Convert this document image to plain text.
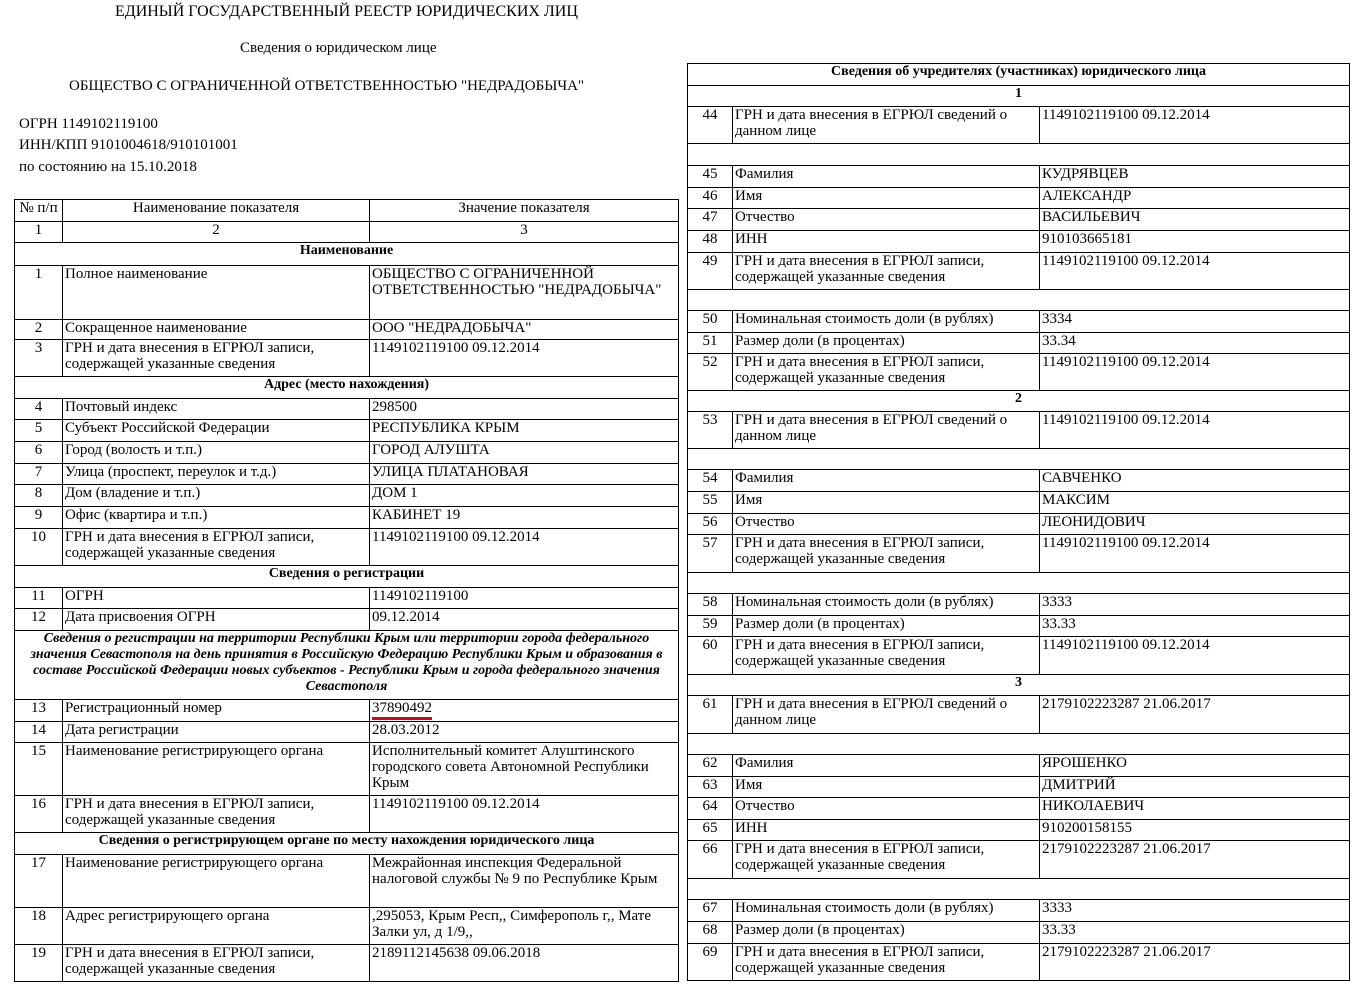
ЕДИНЫЙ ГОСУДАРСТВЕННЫЙ РЕЕСТР ЮРИДИЧЕСКИХ ЛИЦ
Сведения о юридическом лице
ОБЩЕСТВО С ОГРАНИЧЕННОЙ ОТВЕТСТВЕННОСТЬЮ "НЕДРАДОБЫЧА"
ОГРН 1149102119100
ИНН/КПП 9101004618/910101001
по состоянию на 15.10.2018
№ п/п	Наименование показателя	Значение показателя
1	2	3
Наименование		
1	Полное наименование	ОБЩЕСТВО С ОГРАНИЧЕННОЙ ОТВЕТСТВЕННОСТЬЮ "НЕДРАДОБЫЧА"
2	Сокращенное наименование	ООО "НЕДРАДОБЫЧА"
3	ГРН и дата внесения в ЕГРЮЛ записи, содержащей указанные сведения	1149102119100 09.12.2014
Адрес (место нахождения)		
4	Почтовый индекс	298500
5	Субъект Российской Федерации	РЕСПУБЛИКА КРЫМ
6	Город (волость и т.п.)	ГОРОД АЛУШТА
7	Улица (проспект, переулок и т.д.)	УЛИЦА ПЛАТАНОВАЯ
8	Дом (владение и т.п.)	ДОМ 1
9	Офис (квартира и т.п.)	КАБИНЕТ 19
10	ГРН и дата внесения в ЕГРЮЛ записи, содержащей указанные сведения	1149102119100 09.12.2014
Сведения о регистрации		
11	ОГРН	1149102119100
12	Дата присвоения ОГРН	09.12.2014
Сведения о регистрации на территории Республики Крым или территории города федерального значения Севастополя на день принятия в Российскую Федерацию Республики Крым и образования в составе Российской Федерации новых субъектов - Республики Крым и города федерального значения Севастополя		
13	Регистрационный номер	37890492
14	Дата регистрации	28.03.2012
15	Наименование регистрирующего органа	Исполнительный комитет Алуштинского городского совета Автономной Республики Крым
16	ГРН и дата внесения в ЕГРЮЛ записи, содержащей указанные сведения	1149102119100 09.12.2014
Сведения о регистрирующем органе по месту нахождения юридического лица		
17	Наименование регистрирующего органа	Межрайонная инспекция Федеральной налоговой службы № 9 по Республике Крым
18	Адрес регистрирующего органа	,295053, Крым Респ,, Симферополь г,, Мате Залки ул, д 1/9,,
19	ГРН и дата внесения в ЕГРЮЛ записи, содержащей указанные сведения	2189112145638 09.06.2018
Сведения об учредителях (участниках) юридического лица		
1		
44	ГРН и дата внесения в ЕГРЮЛ сведений о данном лице	1149102119100 09.12.2014

45	Фамилия	КУДРЯВЦЕВ
46	Имя	АЛЕКСАНДР
47	Отчество	ВАСИЛЬЕВИЧ
48	ИНН	910103665181
49	ГРН и дата внесения в ЕГРЮЛ записи, содержащей указанные сведения	1149102119100 09.12.2014

50	Номинальная стоимость доли (в рублях)	3334
51	Размер доли (в процентах)	33.34
52	ГРН и дата внесения в ЕГРЮЛ записи, содержащей указанные сведения	1149102119100 09.12.2014
2		
53	ГРН и дата внесения в ЕГРЮЛ сведений о данном лице	1149102119100 09.12.2014

54	Фамилия	САВЧЕНКО
55	Имя	МАКСИМ
56	Отчество	ЛЕОНИДОВИЧ
57	ГРН и дата внесения в ЕГРЮЛ записи, содержащей указанные сведения	1149102119100 09.12.2014

58	Номинальная стоимость доли (в рублях)	3333
59	Размер доли (в процентах)	33.33
60	ГРН и дата внесения в ЕГРЮЛ записи, содержащей указанные сведения	1149102119100 09.12.2014
3		
61	ГРН и дата внесения в ЕГРЮЛ сведений о данном лице	2179102223287 21.06.2017

62	Фамилия	ЯРОШЕНКО
63	Имя	ДМИТРИЙ
64	Отчество	НИКОЛАЕВИЧ
65	ИНН	910200158155
66	ГРН и дата внесения в ЕГРЮЛ записи, содержащей указанные сведения	2179102223287 21.06.2017

67	Номинальная стоимость доли (в рублях)	3333
68	Размер доли (в процентах)	33.33
69	ГРН и дата внесения в ЕГРЮЛ записи, содержащей указанные сведения	2179102223287 21.06.2017
